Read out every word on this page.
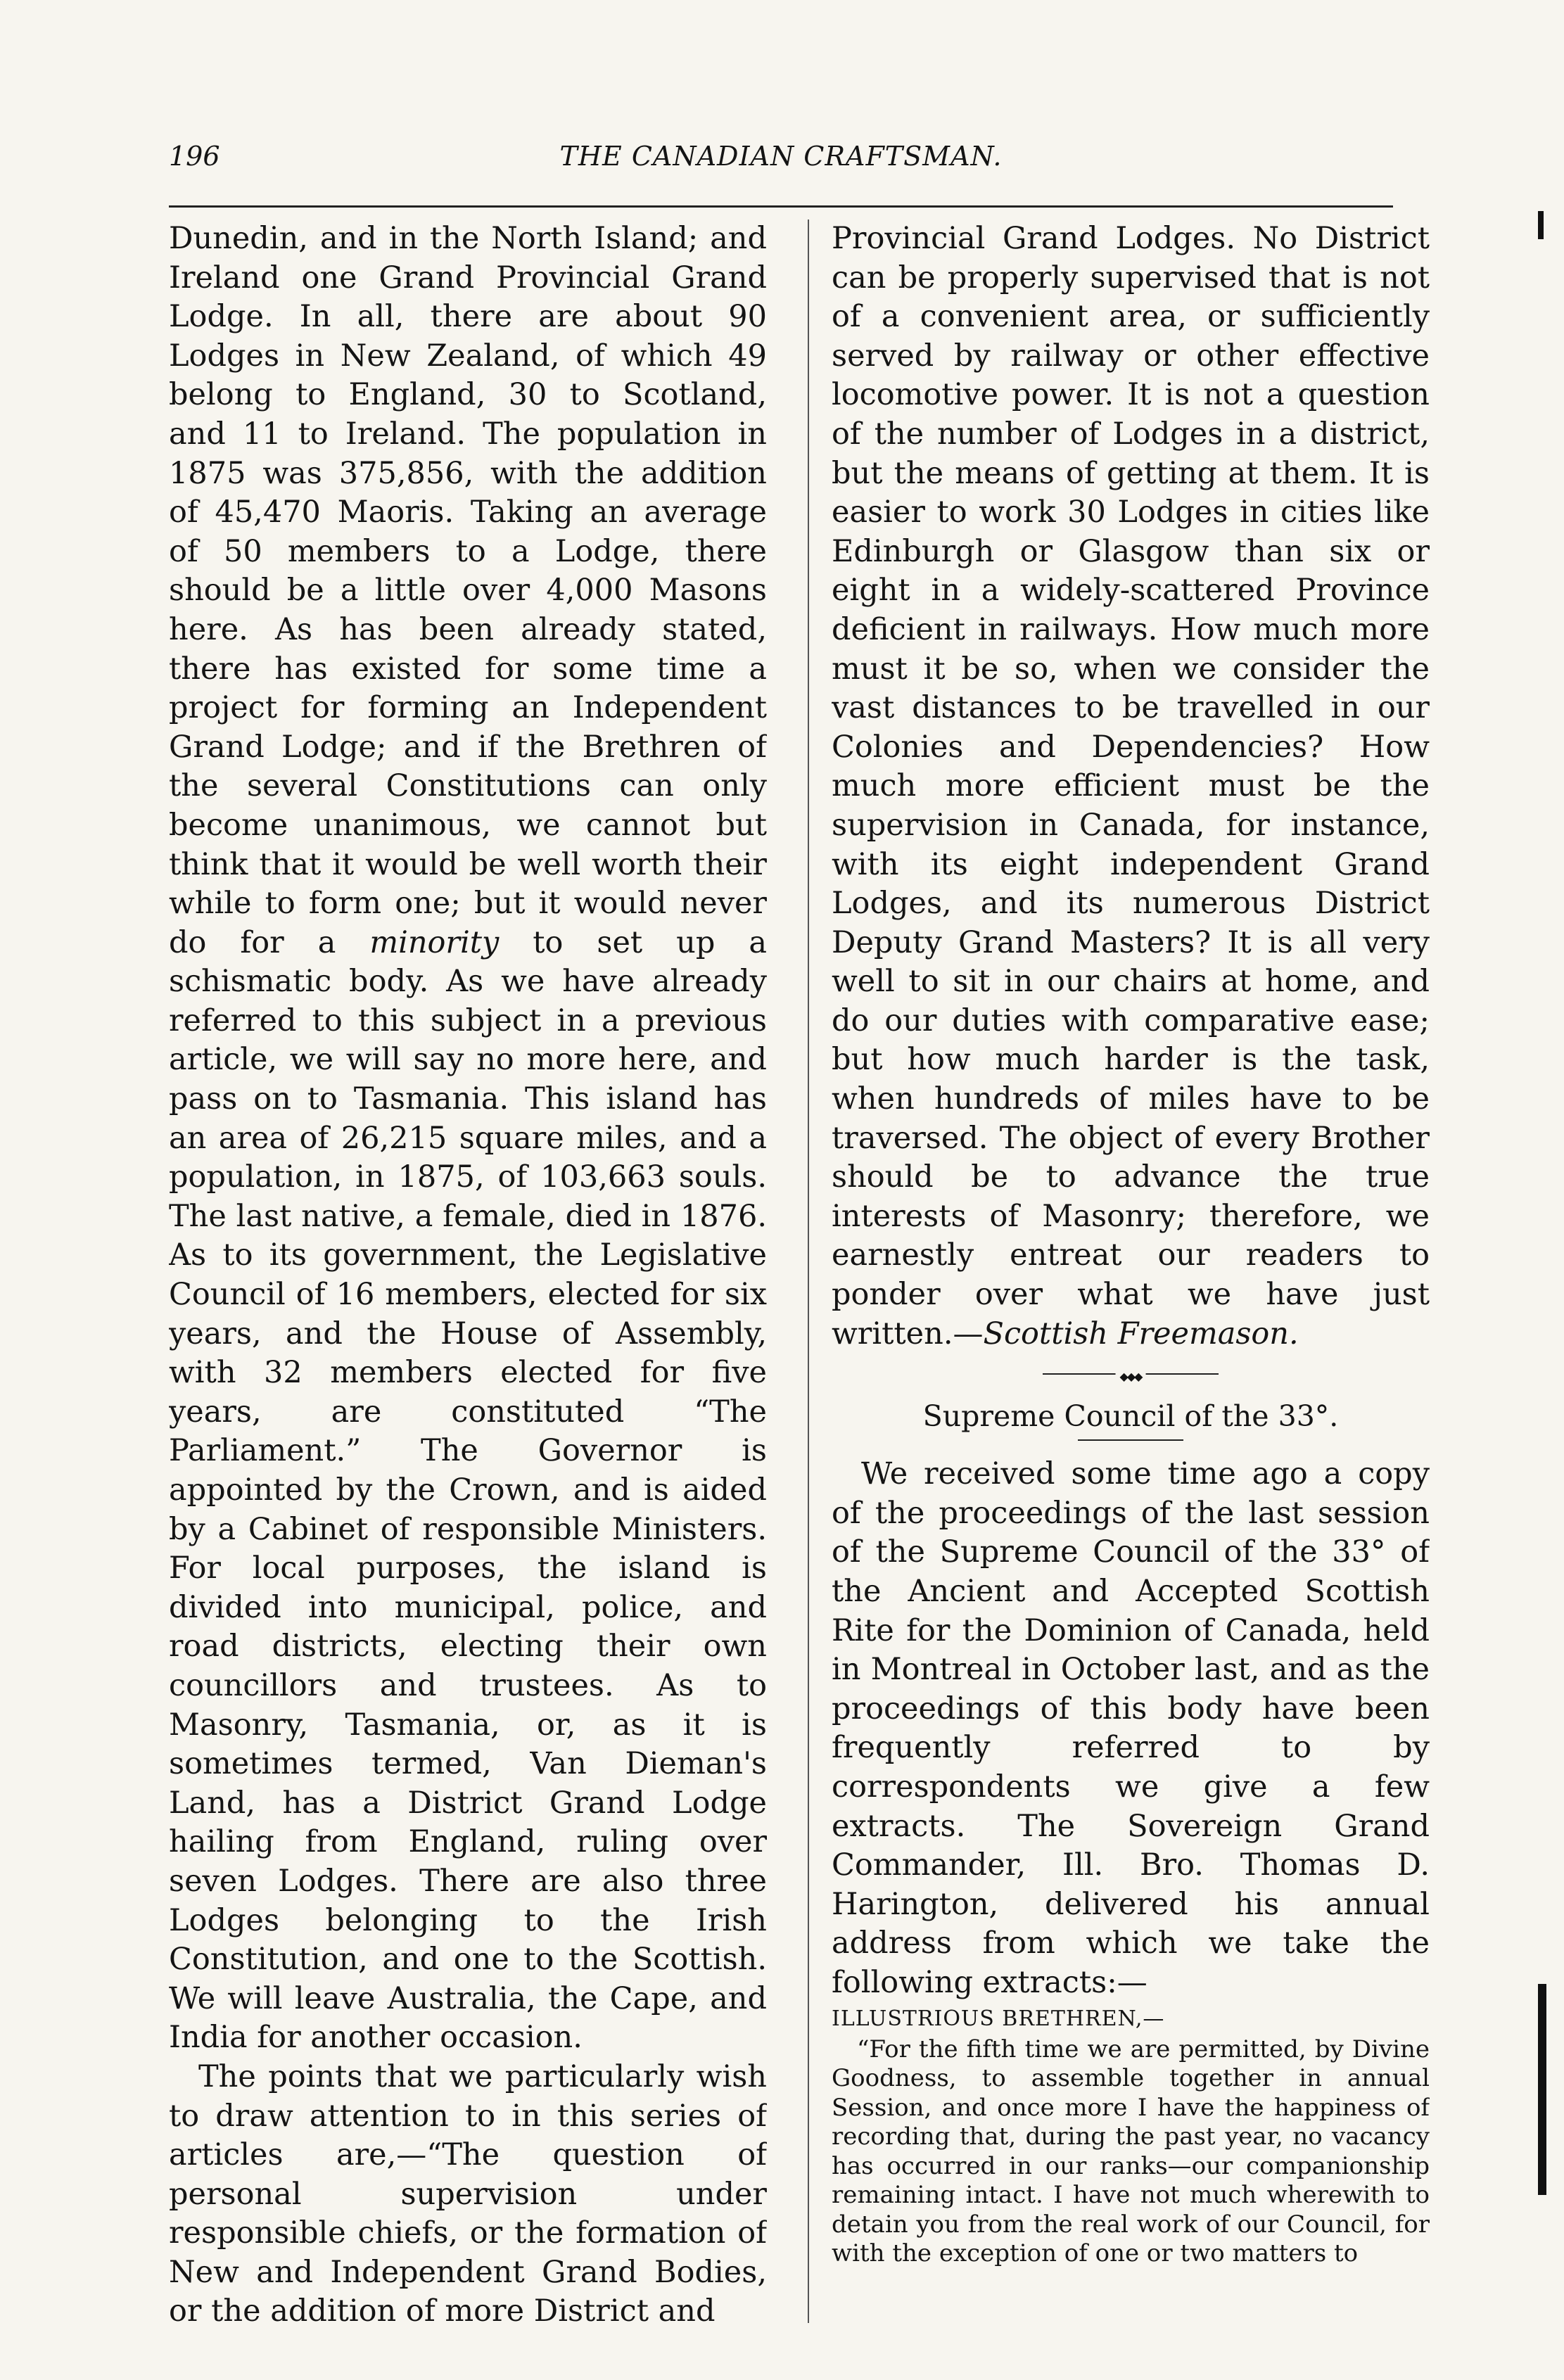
196	THE CANADIAN CRAFTSMAN.

Dunedin, and in the North Island; and Ireland one Grand Provincial Grand Lodge. In all, there are about 90 Lodges in New Zealand, of which 49 belong to England, 30 to Scotland, and 11 to Ireland. The population in 1875 was 375,856, with the addition of 45,470 Maoris. Taking an average of 50 members to a Lodge, there should be a little over 4,000 Masons here. As has been already stated, there has existed for some time a project for forming an Independent Grand Lodge; and if the Brethren of the several Constitutions can only become unanimous, we cannot but think that it would be well worth their while to form one; but it would never do for a minority to set up a schismatic body. As we have already referred to this subject in a previous article, we will say no more here, and pass on to Tasmania. This island has an area of 26,215 square miles, and a population, in 1875, of 103,663 souls. The last native, a female, died in 1876. As to its government, the Legislative Council of 16 members, elected for six years, and the House of Assembly, with 32 members elected for five years, are constituted “The Parliament.” The Governor is appointed by the Crown, and is aided by a Cabinet of responsible Ministers. For local purposes, the island is divided into municipal, police, and road districts, electing their own councillors and trustees. As to Masonry, Tasmania, or, as it is sometimes termed, Van Dieman's Land, has a District Grand Lodge hailing from England, ruling over seven Lodges. There are also three Lodges belonging to the Irish Constitution, and one to the Scottish. We will leave Australia, the Cape, and India for another occasion.

The points that we particularly wish to draw attention to in this series of articles are,—“The question of personal supervision under responsible chiefs, or the formation of New and Independent Grand Bodies, or the addition of more District and

Provincial Grand Lodges. No District can be properly supervised that is not of a convenient area, or sufficiently served by railway or other effective locomotive power. It is not a question of the number of Lodges in a district, but the means of getting at them. It is easier to work 30 Lodges in cities like Edinburgh or Glasgow than six or eight in a widely-scattered Province deficient in railways. How much more must it be so, when we consider the vast distances to be travelled in our Colonies and Dependencies? How much more efficient must be the supervision in Canada, for instance, with its eight independent Grand Lodges, and its numerous District Deputy Grand Masters? It is all very well to sit in our chairs at home, and do our duties with comparative ease; but how much harder is the task, when hundreds of miles have to be traversed. The object of every Brother should be to advance the true interests of Masonry; therefore, we earnestly entreat our readers to ponder over what we have just written.—Scottish Freemason.

◆◆◆
Supreme Council of the 33°.

We received some time ago a copy of the proceedings of the last session of the Supreme Council of the 33° of the Ancient and Accepted Scottish Rite for the Dominion of Canada, held in Montreal in October last, and as the proceedings of this body have been frequently referred to by correspondents we give a few extracts. The Sovereign Grand Commander, Ill. Bro. Thomas D. Harington, delivered his annual address from which we take the following extracts:—

ILLUSTRIOUS BRETHREN,—

“For the fifth time we are permitted, by Divine Goodness, to assemble together in annual Session, and once more I have the happiness of recording that, during the past year, no vacancy has occurred in our ranks—our companionship remaining intact. I have not much wherewith to detain you from the real work of our Council, for with the exception of one or two matters to
